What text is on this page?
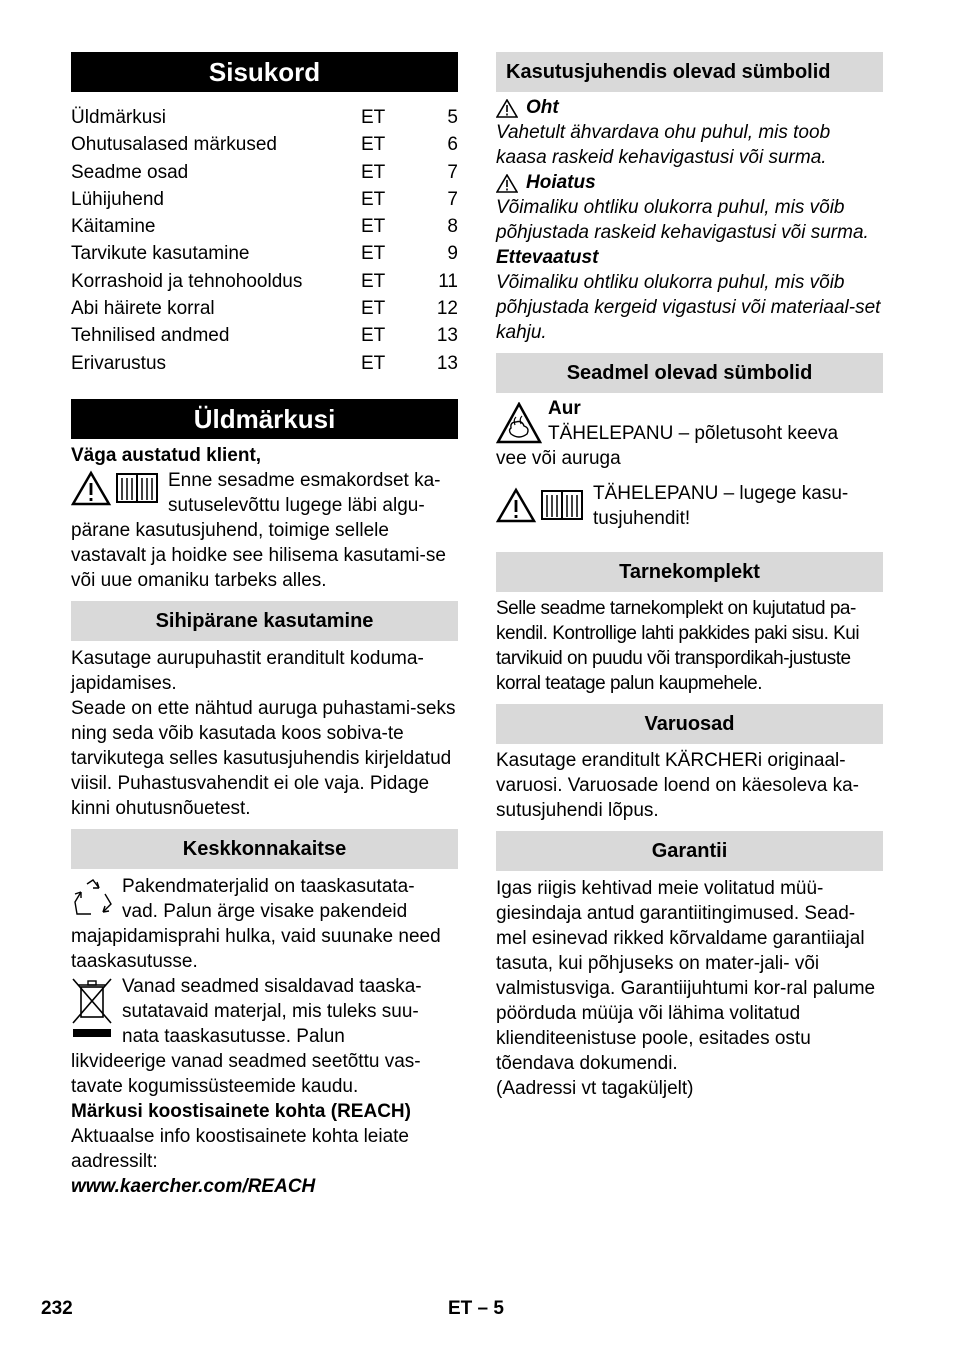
Sisukord
Üldmärkusi	ET	5
Ohutusalased märkused	ET	6
Seadme osad	ET	7
Lühijuhend	ET	7
Käitamine	ET	8
Tarvikute kasutamine	ET	9
Korrashoid ja tehnohooldus	ET	11
Abi häirete korral	ET	12
Tehnilised andmed	ET	13
Erivarustus	ET	13
Üldmärkusi

Väga austatud klient,

Enne sesadme esmakordset ka-

sutuselevõttu lugege läbi algu-

pärane kasutusjuhend, toimige sellele vastavalt ja hoidke see hilisema kasutami-se või uue omaniku tarbeks alles.

Sihipärane kasutamine

Kasutage aurupuhastit eranditult koduma-japidamises.

Seade on ette nähtud auruga puhastami-seks ning seda võib kasutada koos sobiva-te tarvikutega selles kasutusjuhendis kirjeldatud viisil. Puhastusvahendit ei ole vaja. Pidage kinni ohutusnõuetest.

Keskkonnakaitse

Pakendmaterjalid on taaskasutata-

vad. Palun ärge visake pakendeid

majapidamisprahi hulka, vaid suunake need taaskasutusse.

Vanad seadmed sisaldavad taaska-

sutatavaid materjal, mis tuleks suu-

nata taaskasutusse. Palun

likvideerige vanad seadmed seetõttu vas-tavate kogumissüsteemide kaudu.

Märkusi koostisainete kohta (REACH)

Aktuaalse info koostisainete kohta leiate aadressilt:

www.kaercher.com/REACH

Kasutusjuhendis olevad sümbolid

Oht

Vahetult ähvardava ohu puhul, mis toob kaasa raskeid kehavigastusi või surma.

Hoiatus

Võimaliku ohtliku olukorra puhul, mis võib põhjustada raskeid kehavigastusi või surma.

Ettevaatust

Võimaliku ohtliku olukorra puhul, mis võib põhjustada kergeid vigastusi või materiaal-set kahju.

Seadmel olevad sümbolid

Aur

TÄHELEPANU – põletusoht keeva

vee või auruga

TÄHELEPANU – lugege kasu-tusjuhendit!

Tarnekomplekt

Selle seadme tarnekomplekt on kujutatud pa-kendil. Kontrollige lahti pakkides paki sisu. Kui tarvikuid on puudu või transpordikah-justuste korral teatage palun kaupmehele.

Varuosad

Kasutage eranditult KÄRCHERi originaal-varuosi. Varuosade loend on käesoleva ka-sutusjuhendi lõpus.

Garantii

Igas riigis kehtivad meie volitatud müü-giesindaja antud garantiitingimused. Sead-mel esinevad rikked kõrvaldame garantiiajal tasuta, kui põhjuseks on mater-jali- või valmistusviga. Garantiijuhtumi kor-ral palume pöörduda müüja või lähima volitatud klienditeenistuse poole, esitades ostu tõendava dokumendi.

(Aadressi vt tagaküljelt)

232	ET – 5
